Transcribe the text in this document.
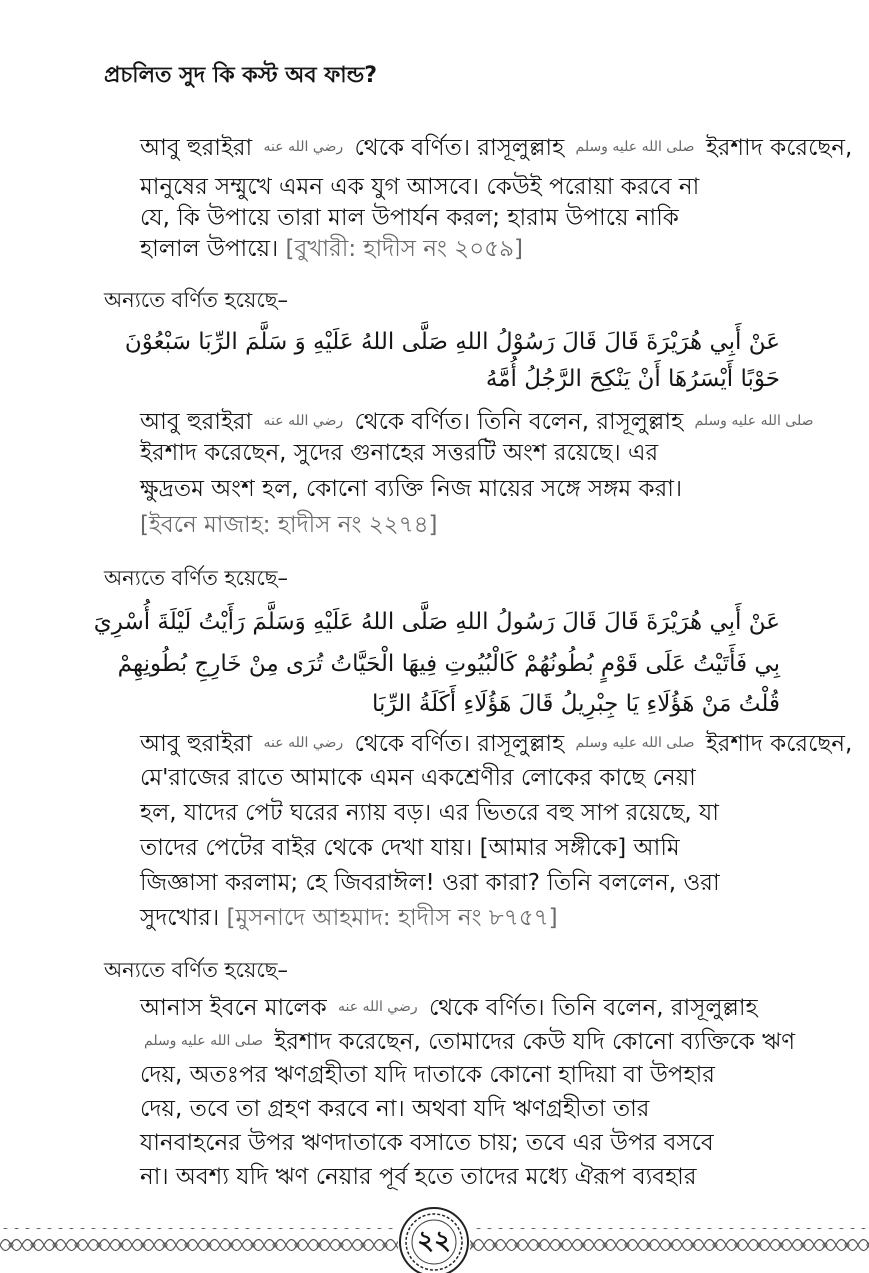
প্রচলিত সুদ কি কস্ট অব ফান্ড?
আবু হুরাইরা رضي الله عنه থেকে বর্ণিত। রাসূলুল্লাহ صلى الله عليه وسلم ইরশাদ করেছেন,
মানুষের সম্মুখে এমন এক যুগ আসবে। কেউই পরোয়া করবে না
যে, কি উপায়ে তারা মাল উপার্যন করল; হারাম উপায়ে নাকি
হালাল উপায়ে। [বুখারী: হাদীস নং ২০৫৯]
অন্যতে বর্ণিত হয়েছে–
عَنْ أَبِي هُرَيْرَةَ قَالَ قَالَ رَسُوْلُ اللهِ صَلَّى اللهُ عَلَيْهِ وَ سَلَّمَ الرِّبَا سَبْعُوْنَ
حَوْبًا أَيْسَرُهَا أَنْ يَنْكِحَ الرَّجُلُ أُمَّهُ
আবু হুরাইরা رضي الله عنه থেকে বর্ণিত। তিনি বলেন, রাসূলুল্লাহ صلى الله عليه وسلم
ইরশাদ করেছেন, সুদের গুনাহের সত্তরটি অংশ রয়েছে। এর
ক্ষুদ্রতম অংশ হল, কোনো ব্যক্তি নিজ মায়ের সঙ্গে সঙ্গম করা।
[ইবনে মাজাহ: হাদীস নং ২২৭৪]
অন্যতে বর্ণিত হয়েছে–
عَنْ أَبِي هُرَيْرَةَ قَالَ قَالَ رَسُولُ اللهِ صَلَّى اللهُ عَلَيْهِ وَسَلَّمَ رَأَيْتُ لَيْلَةَ أُسْرِيَ
بِي فَأَتَيْتُ عَلَى قَوْمٍ بُطُونُهُمْ كَالْبُيُوتِ فِيهَا الْحَيَّاتُ تُرَى مِنْ خَارِجِ بُطُونِهِمْ
قُلْتُ مَنْ هَؤُلَاءِ يَا جِبْرِيلُ قَالَ هَؤُلَاءِ أَكَلَةُ الرِّبَا
আবু হুরাইরা رضي الله عنه থেকে বর্ণিত। রাসূলুল্লাহ صلى الله عليه وسلم ইরশাদ করেছেন,
মে'রাজের রাতে আমাকে এমন একশ্রেণীর লোকের কাছে নেয়া
হল, যাদের পেট ঘরের ন্যায় বড়। এর ভিতরে বহু সাপ রয়েছে, যা
তাদের পেটের বাইর থেকে দেখা যায়। [আমার সঙ্গীকে] আমি
জিজ্ঞাসা করলাম; হে জিবরাঈল! ওরা কারা? তিনি বললেন, ওরা
সুদখোর। [মুসনাদে আহমাদ: হাদীস নং ৮৭৫৭]
অন্যতে বর্ণিত হয়েছে–
আনাস ইবনে মালেক رضي الله عنه থেকে বর্ণিত। তিনি বলেন, রাসূলুল্লাহ
صلى الله عليه وسلم ইরশাদ করেছেন, তোমাদের কেউ যদি কোনো ব্যক্তিকে ঋণ
দেয়, অতঃপর ঋণগ্রহীতা যদি দাতাকে কোনো হাদিয়া বা উপহার
দেয়, তবে তা গ্রহণ করবে না। অথবা যদি ঋণগ্রহীতা তার
যানবাহনের উপর ঋণদাতাকে বসাতে চায়; তবে এর উপর বসবে
না। অবশ্য যদি ঋণ নেয়ার পূর্ব হতে তাদের মধ্যে ঐরূপ ব্যবহার
২২
